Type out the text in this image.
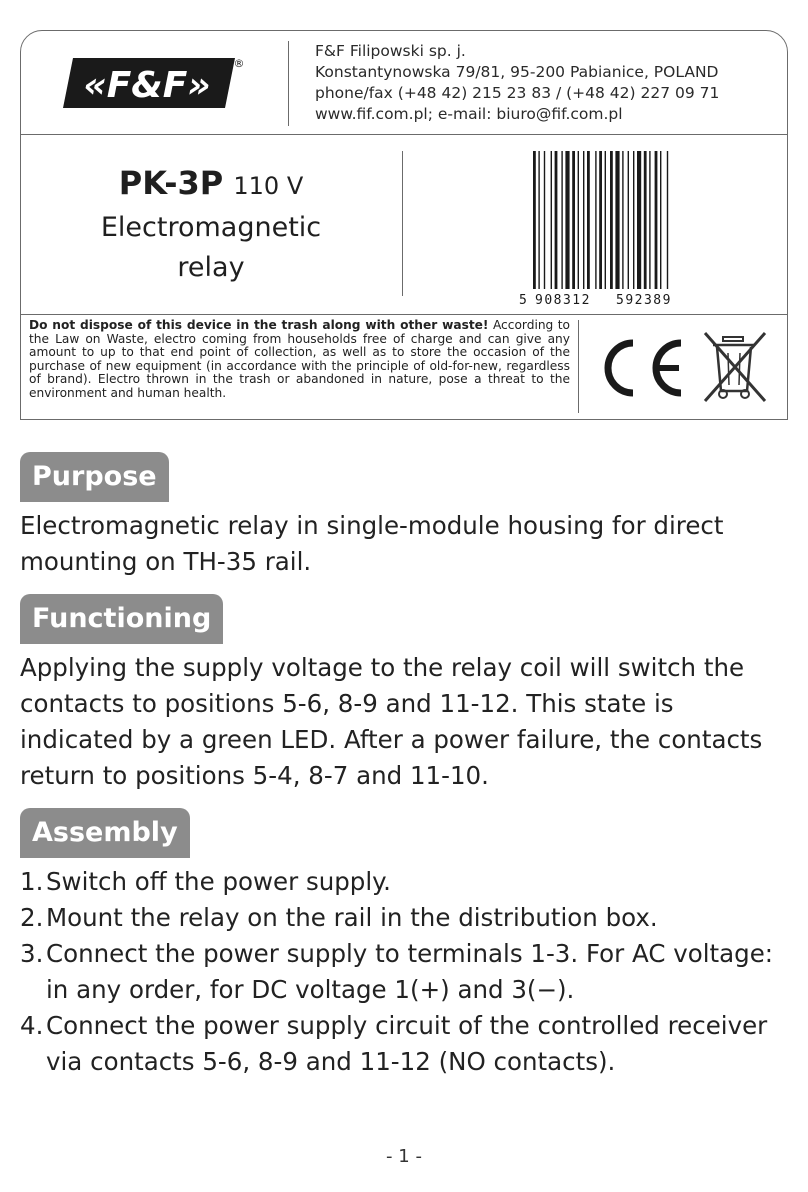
«F&F»
®
F&F Filipowski sp. j.
Konstantynowska 79/81, 95-200 Pabianice, POLAND
phone/fax (+48 42) 215 23 83 / (+48 42) 227 09 71
www.fif.com.pl; e-mail: biuro@fif.com.pl
PK-3P 110 V
Electromagnetic
relay
5 908312 592389
Do not dispose of this device in the trash along with other waste! According to the Law on Waste, electro coming from households free of charge and can give any amount to up to that end point of collection, as well as to store the occasion of the purchase of new equipment (in accordance with the principle of old-for-new, regardless of brand). Electro thrown in the trash or abandoned in nature, pose a threat to the environment and human health.
Purpose

Electromagnetic relay in single-module housing for direct mounting on TH-35 rail.

Functioning

Applying the supply voltage to the relay coil will switch the contacts to positions 5-6, 8-9 and 11-12. This state is indicated by a green LED. After a power failure, the contacts return to positions 5-4, 8-7 and 11-10.

Assembly
1. Switch off the power supply.
2. Mount the relay on the rail in the distribution box.
3. Connect the power supply to terminals 1-3. For AC voltage: in any order, for DC voltage 1(+) and 3(−).
4. Connect the power supply circuit of the controlled receiver via contacts 5-6, 8-9 and 11-12 (NO contacts).
- 1 -
